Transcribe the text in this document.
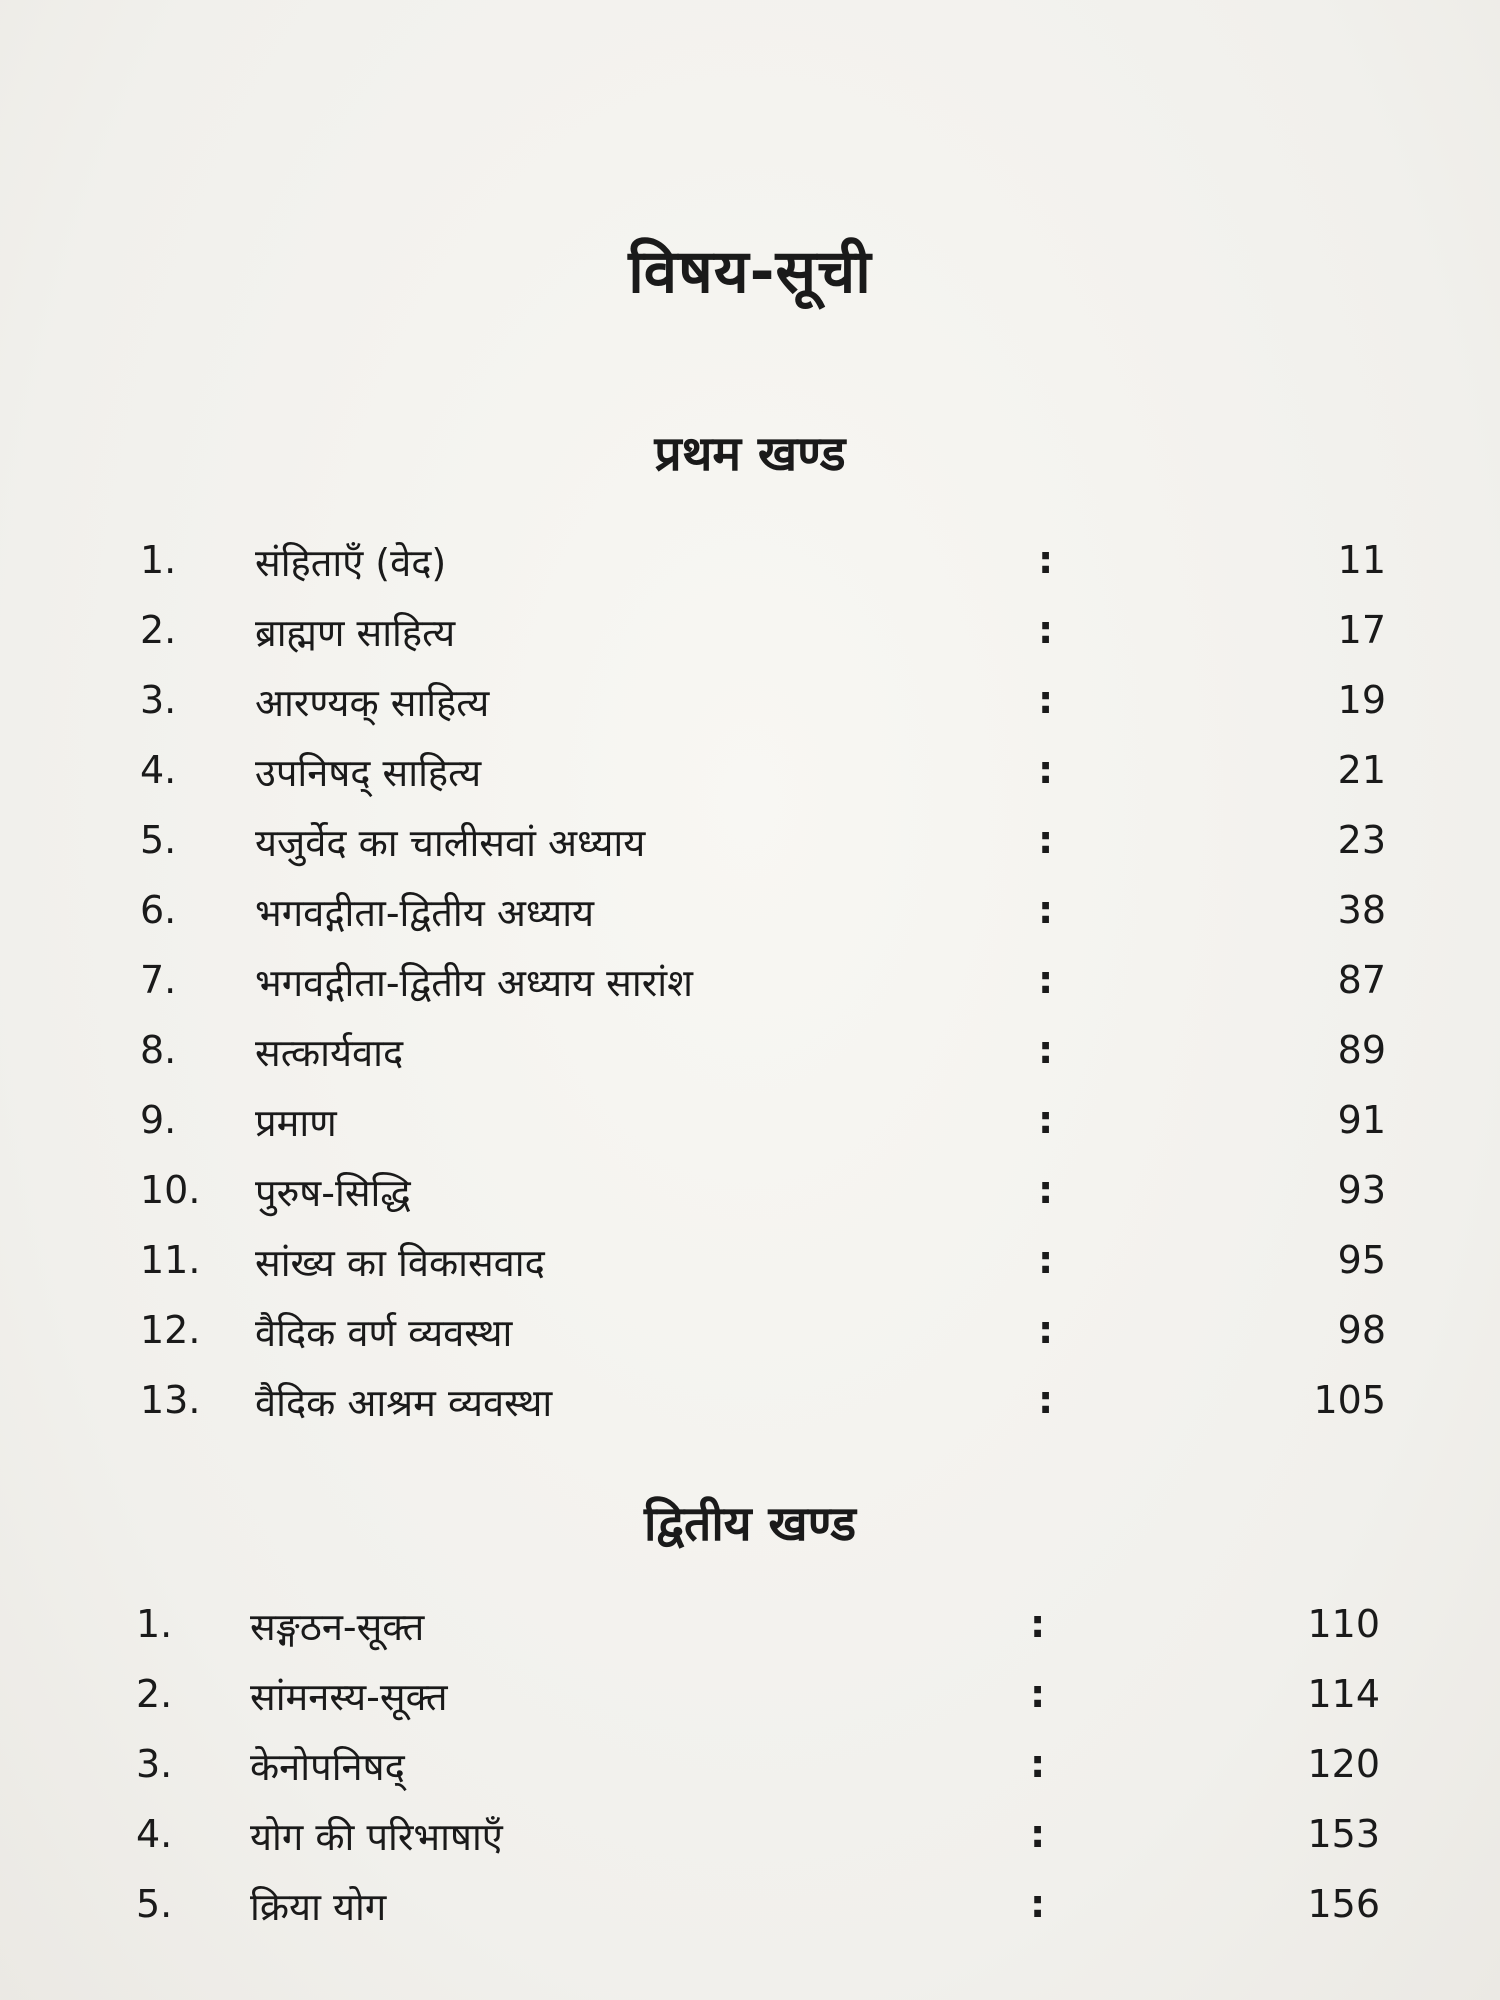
विषय-सूची
प्रथम खण्ड
1. संहिताएँ (वेद)	:	11
2. ब्राह्मण साहित्य	:	17
3. आरण्यक् साहित्य	:	19
4. उपनिषद् साहित्य	:	21
5. यजुर्वेद का चालीसवां अध्याय	:	23
6. भगवद्गीता-द्वितीय अध्याय	:	38
7. भगवद्गीता-द्वितीय अध्याय सारांश	:	87
8. सत्कार्यवाद	:	89
9. प्रमाण	:	91
10. पुरुष-सिद्धि	:	93
11. सांख्य का विकासवाद	:	95
12. वैदिक वर्ण व्यवस्था	:	98
13. वैदिक आश्रम व्यवस्था	:	105
द्वितीय खण्ड
1. सङ्गठन-सूक्त	:	110
2. सांमनस्य-सूक्त	:	114
3. केनोपनिषद्	:	120
4. योग की परिभाषाएँ	:	153
5. क्रिया योग	:	156
